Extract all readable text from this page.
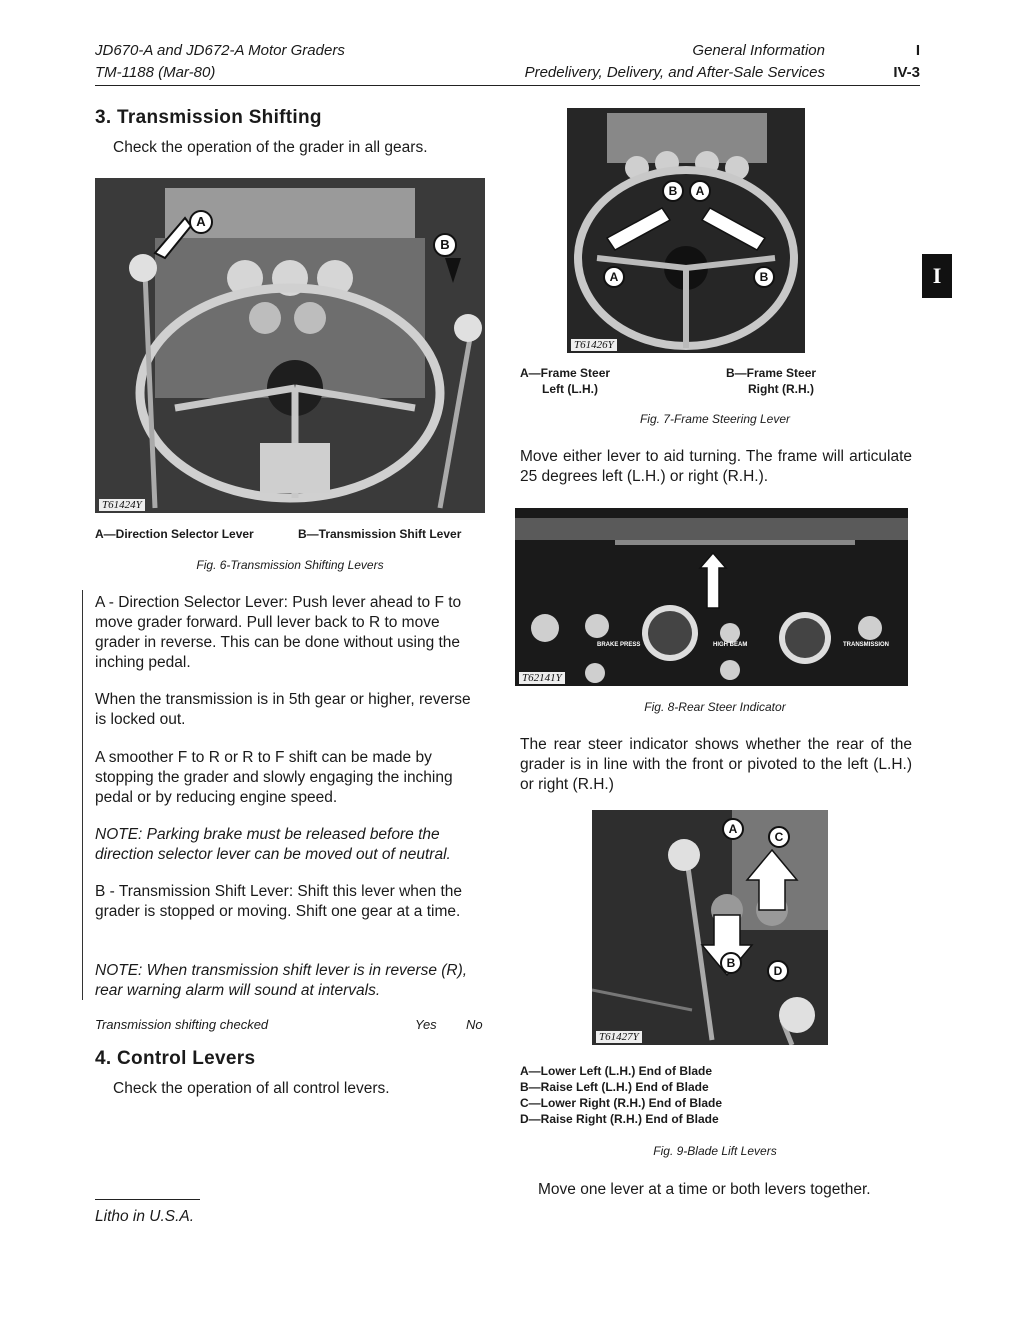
JD670-A and JD672-A Motor Graders
TM-1188 (Mar-80)
General Information
Predelivery, Delivery, and After-Sale Services
I
IV-3
3. Transmission Shifting
Check the operation of the grader in all gears.
A
B
T61424Y
A—Direction Selector Lever	B—Transmission Shift Lever
Fig. 6-Transmission Shifting Levers
A - Direction Selector Lever: Push lever ahead to F to move grader forward. Pull lever back to R to move grader in reverse. This can be done without using the inching pedal.
When the transmission is in 5th gear or higher, reverse is locked out.
A smoother F to R or R to F shift can be made by stopping the grader and slowly engaging the inching pedal or by reducing engine speed.
NOTE: Parking brake must be released before the direction selector lever can be moved out of neutral.
B - Transmission Shift Lever: Shift this lever when the grader is stopped or moving. Shift one gear at a time.
NOTE: When transmission shift lever is in reverse (R), rear warning alarm will sound at intervals.
Transmission shifting checked	Yes No
4. Control Levers
Check the operation of all control levers.
Litho in U.S.A.
B	A
A	B
T61426Y
A—Frame Steer
Left (L.H.)
B—Frame Steer
Right (R.H.)
Fig. 7-Frame Steering Lever
Move either lever to aid turning. The frame will articulate 25 degrees left (L.H.) or right (R.H.).
I
BRAKE PRESS	HIGH BEAM	TRANSMISSION
T62141Y
Fig. 8-Rear Steer Indicator
The rear steer indicator shows whether the rear of the grader is in line with the front or pivoted to the left (L.H.) or right (R.H.)
A
C
B
D
T61427Y
A—Lower Left (L.H.) End of Blade
B—Raise Left (L.H.) End of Blade
C—Lower Right (R.H.) End of Blade
D—Raise Right (R.H.) End of Blade
Fig. 9-Blade Lift Levers
Move one lever at a time or both levers together.
